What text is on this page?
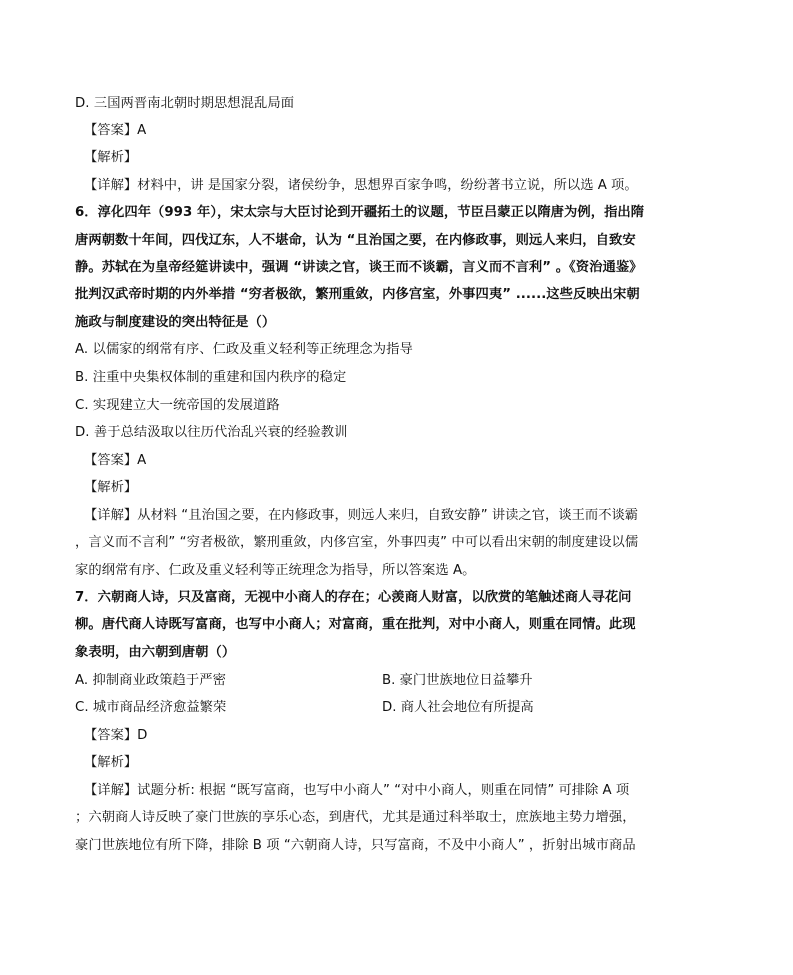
D. 三国两晋南北朝时期思想混乱局面
【答案】A
【解析】
【详解】材料中，讲 是国家分裂，诸侯纷争，思想界百家争鸣，纷纷著书立说，所以选 A 项。
6．淳化四年（993 年），宋太宗与大臣讨论到开疆拓土的议题，节臣吕蒙正以隋唐为例，指出隋
唐两朝数十年间，四伐辽东，人不堪命，认为 “且治国之要，在内修政事，则远人来归，自致安
静。苏轼在为皇帝经筵讲读中，强调 “讲读之官，谈王而不谈霸，言义而不言利” 。《资治通鉴》
批判汉武帝时期的内外举措 “穷者极欲，繁刑重敛，内侈宫室，外事四夷” ......这些反映出宋朝
施政与制度建设的突出特征是（）
A. 以儒家的纲常有序、仁政及重义轻利等正统理念为指导
B. 注重中央集权体制的重建和国内秩序的稳定
C. 实现建立大一统帝国的发展道路
D. 善于总结汲取以往历代治乱兴衰的经验教训
【答案】A
【解析】
【详解】从材料 “且治国之要，在内修政事，则远人来归，自致安静” 讲读之官，谈王而不谈霸
，言义而不言利” “穷者极欲，繁刑重敛，内侈宫室，外事四夷” 中可以看出宋朝的制度建设以儒
家的纲常有序、仁政及重义轻利等正统理念为指导，所以答案选 A。
7．六朝商人诗，只及富商，无视中小商人的存在；心羡商人财富，以欣赏的笔触述商人寻花问
柳。唐代商人诗既写富商，也写中小商人；对富商，重在批判，对中小商人，则重在同情。此现
象表明，由六朝到唐朝（）
A. 抑制商业政策趋于严密	B. 豪门世族地位日益攀升
C. 城市商品经济愈益繁荣	D. 商人社会地位有所提高
【答案】D
【解析】
【详解】试题分析: 根据 “既写富商，也写中小商人” “对中小商人，则重在同情” 可排除 A 项
；六朝商人诗反映了豪门世族的享乐心态，到唐代，尤其是通过科举取士，庶族地主势力增强，
豪门世族地位有所下降，排除 B 项 “六朝商人诗，只写富商，不及中小商人” ，折射出城市商品
